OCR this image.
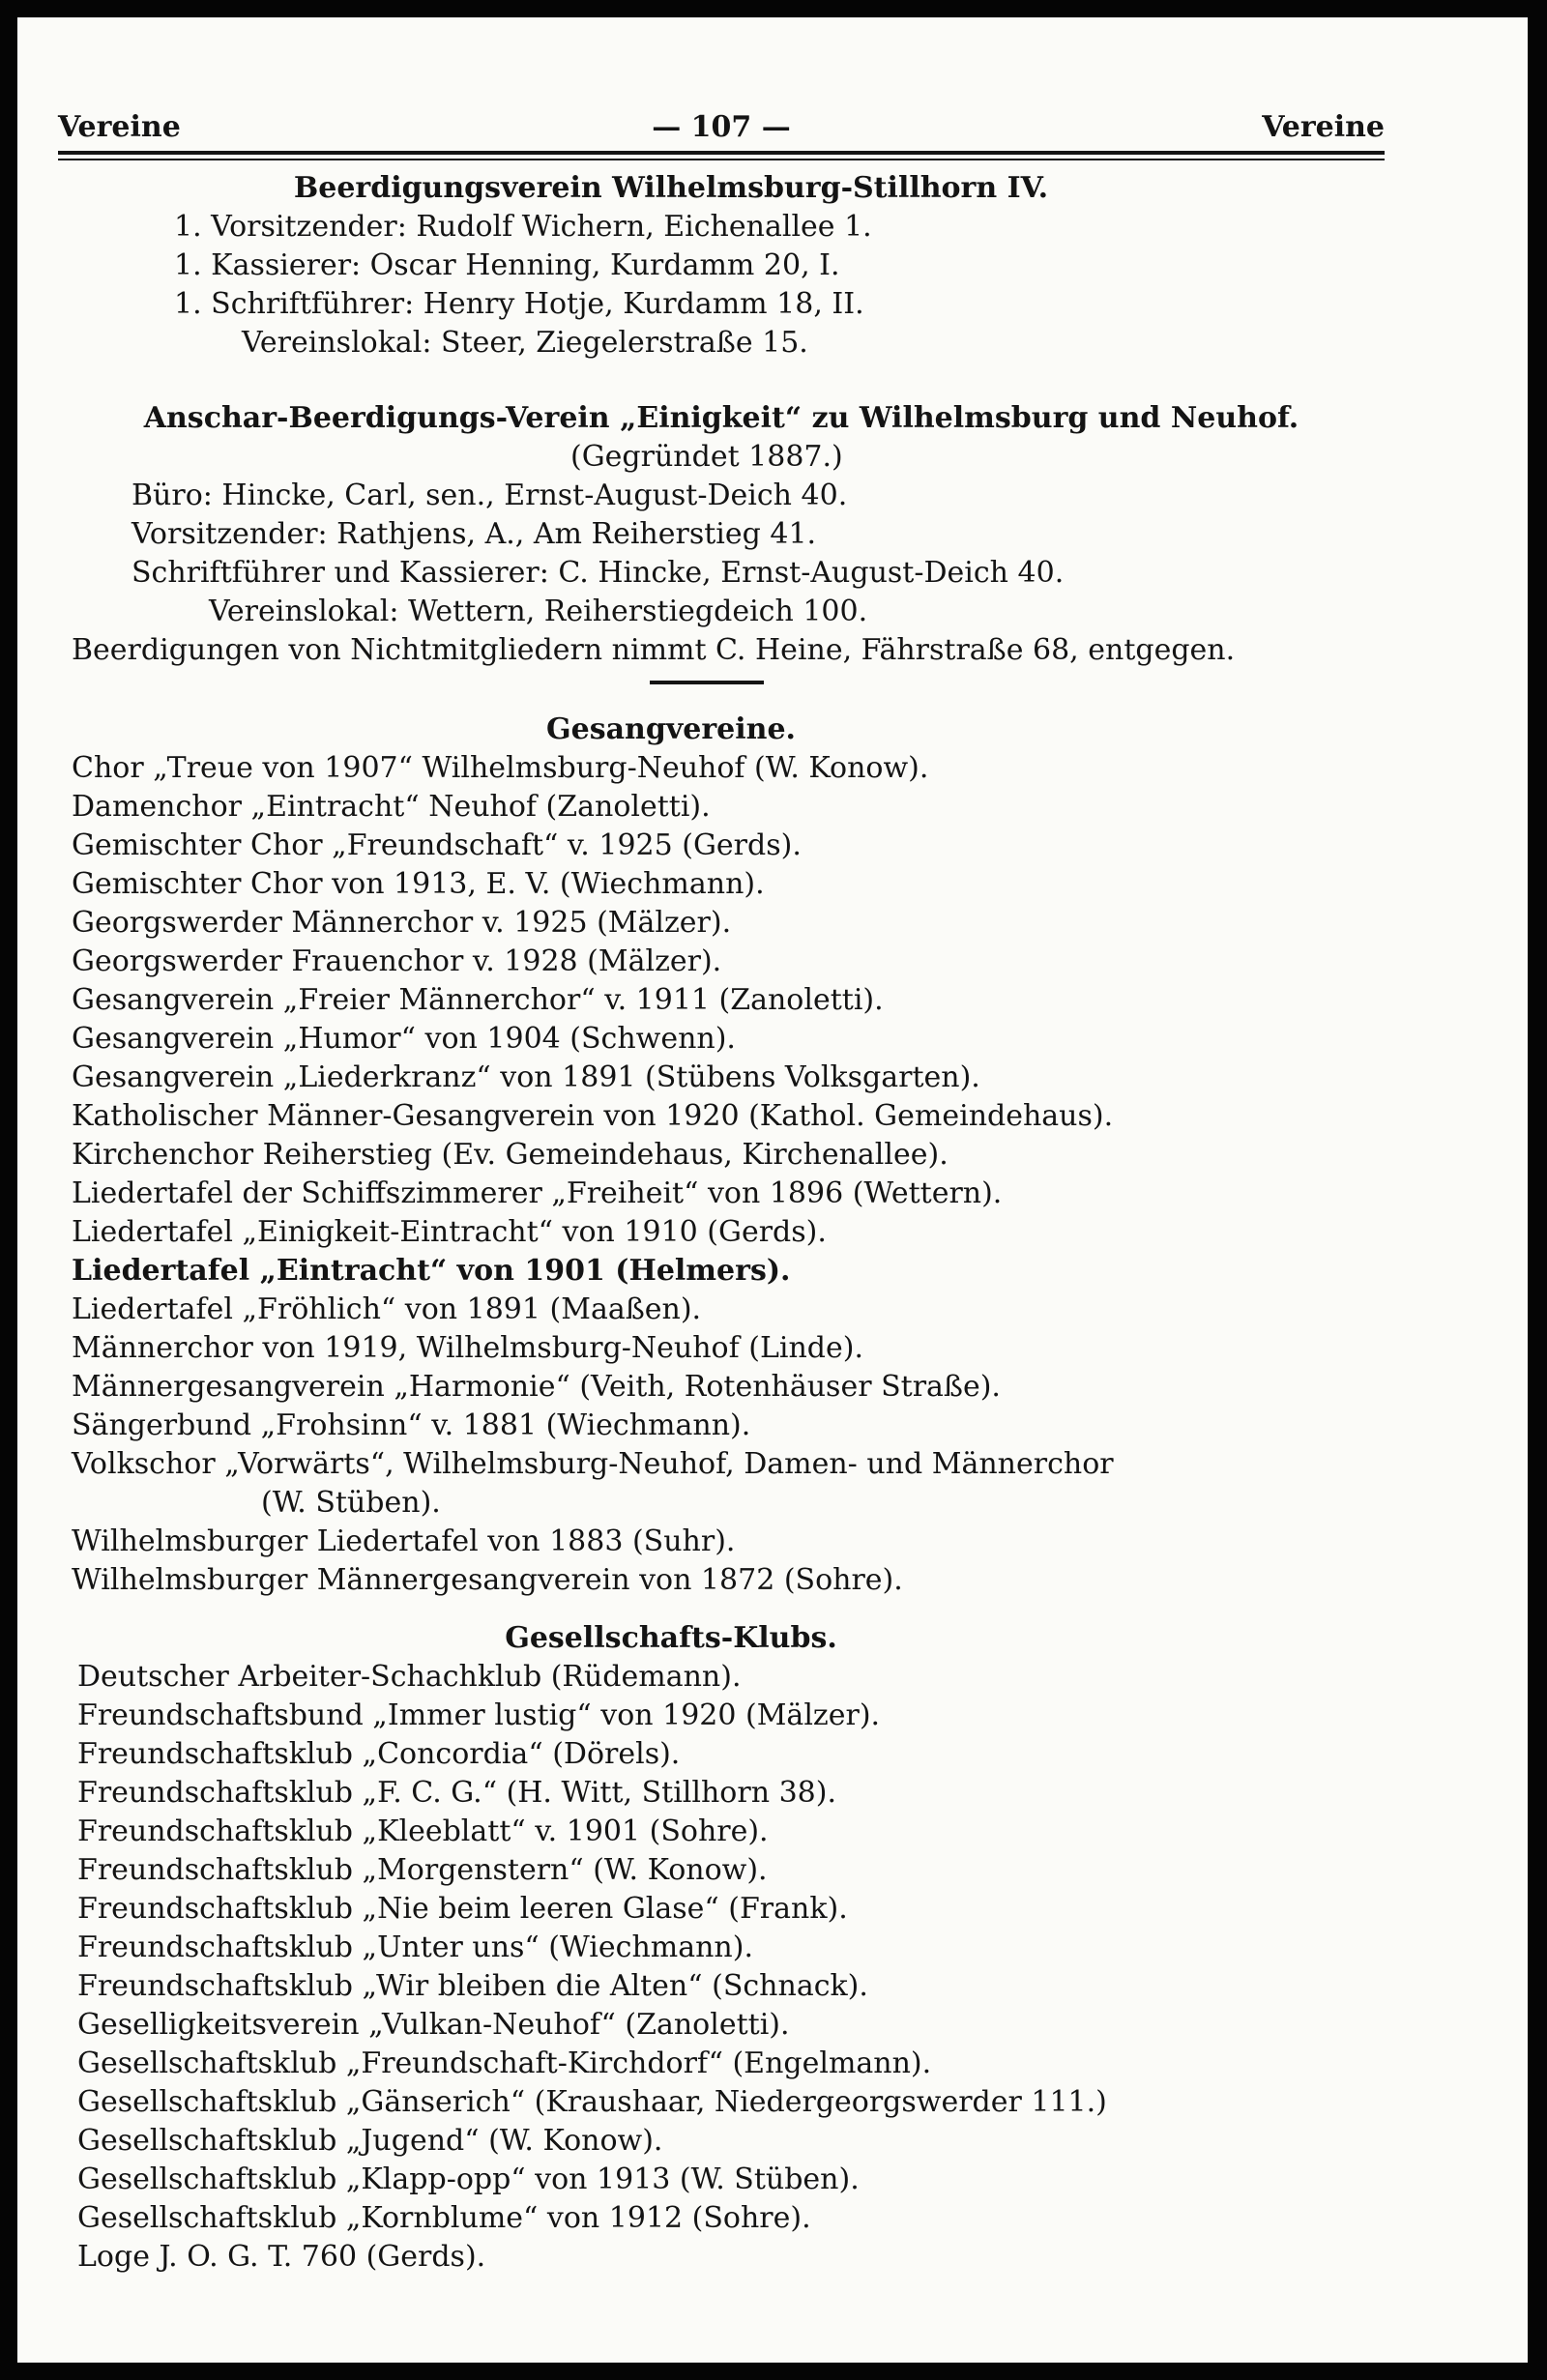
Vereine	— 107 —	Vereine
Beerdigungsverein Wilhelmsburg-Stillhorn IV.
1. Vorsitzender: Rudolf Wichern, Eichenallee 1.
1. Kassierer: Oscar Henning, Kurdamm 20, I.
1. Schriftführer: Henry Hotje, Kurdamm 18, II.
Vereinslokal: Steer, Ziegelerstraße 15.
Anschar-Beerdigungs-Verein „Einigkeit“ zu Wilhelmsburg und Neuhof.
(Gegründet 1887.)
Büro: Hincke, Carl, sen., Ernst-August-Deich 40.
Vorsitzender: Rathjens, A., Am Reiherstieg 41.
Schriftführer und Kassierer: C. Hincke, Ernst-August-Deich 40.
Vereinslokal: Wettern, Reiherstiegdeich 100.
Beerdigungen von Nichtmitgliedern nimmt C. Heine, Fährstraße 68, entgegen.
Gesangvereine.
Chor „Treue von 1907“ Wilhelmsburg-Neuhof (W. Konow).
Damenchor „Eintracht“ Neuhof (Zanoletti).
Gemischter Chor „Freundschaft“ v. 1925 (Gerds).
Gemischter Chor von 1913, E. V. (Wiechmann).
Georgswerder Männerchor v. 1925 (Mälzer).
Georgswerder Frauenchor v. 1928 (Mälzer).
Gesangverein „Freier Männerchor“ v. 1911 (Zanoletti).
Gesangverein „Humor“ von 1904 (Schwenn).
Gesangverein „Liederkranz“ von 1891 (Stübens Volksgarten).
Katholischer Männer-Gesangverein von 1920 (Kathol. Gemeindehaus).
Kirchenchor Reiherstieg (Ev. Gemeindehaus, Kirchenallee).
Liedertafel der Schiffszimmerer „Freiheit“ von 1896 (Wettern).
Liedertafel „Einigkeit-Eintracht“ von 1910 (Gerds).
Liedertafel „Eintracht“ von 1901 (Helmers).
Liedertafel „Fröhlich“ von 1891 (Maaßen).
Männerchor von 1919, Wilhelmsburg-Neuhof (Linde).
Männergesangverein „Harmonie“ (Veith, Rotenhäuser Straße).
Sängerbund „Frohsinn“ v. 1881 (Wiechmann).
Volkschor „Vorwärts“, Wilhelmsburg-Neuhof, Damen- und Männerchor
(W. Stüben).
Wilhelmsburger Liedertafel von 1883 (Suhr).
Wilhelmsburger Männergesangverein von 1872 (Sohre).
Gesellschafts-Klubs.
Deutscher Arbeiter-Schachklub (Rüdemann).
Freundschaftsbund „Immer lustig“ von 1920 (Mälzer).
Freundschaftsklub „Concordia“ (Dörels).
Freundschaftsklub „F. C. G.“ (H. Witt, Stillhorn 38).
Freundschaftsklub „Kleeblatt“ v. 1901 (Sohre).
Freundschaftsklub „Morgenstern“ (W. Konow).
Freundschaftsklub „Nie beim leeren Glase“ (Frank).
Freundschaftsklub „Unter uns“ (Wiechmann).
Freundschaftsklub „Wir bleiben die Alten“ (Schnack).
Geselligkeitsverein „Vulkan-Neuhof“ (Zanoletti).
Gesellschaftsklub „Freundschaft-Kirchdorf“ (Engelmann).
Gesellschaftsklub „Gänserich“ (Kraushaar, Niedergeorgswerder 111.)
Gesellschaftsklub „Jugend“ (W. Konow).
Gesellschaftsklub „Klapp-opp“ von 1913 (W. Stüben).
Gesellschaftsklub „Kornblume“ von 1912 (Sohre).
Loge J. O. G. T. 760 (Gerds).
